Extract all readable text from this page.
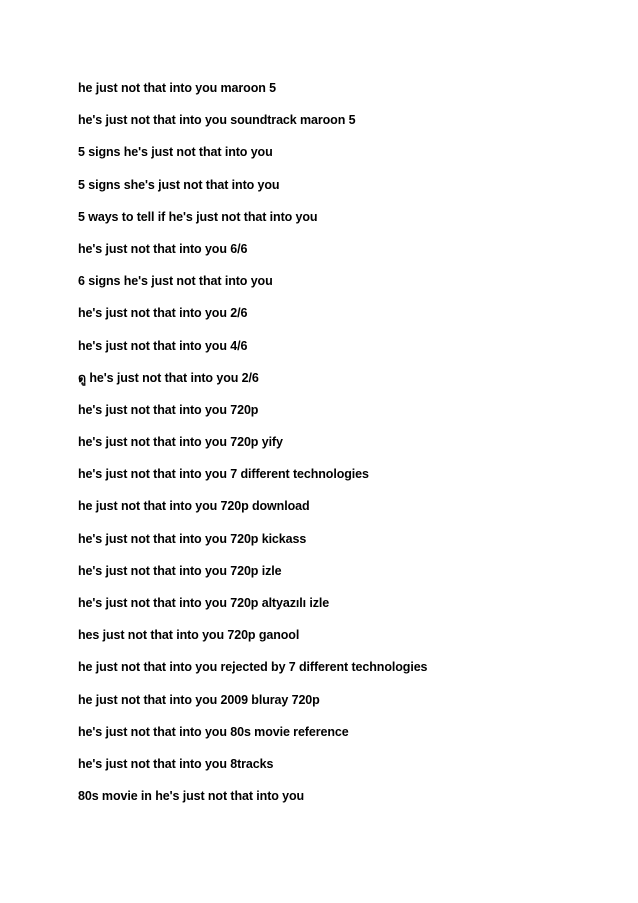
he just not that into you maroon 5
he's just not that into you soundtrack maroon 5
5 signs he's just not that into you
5 signs she's just not that into you
5 ways to tell if he's just not that into you
he's just not that into you 6/6
6 signs he's just not that into you
he's just not that into you 2/6
he's just not that into you 4/6
ดู he's just not that into you 2/6
he's just not that into you 720p
he's just not that into you 720p yify
he's just not that into you 7 different technologies
he just not that into you 720p download
he's just not that into you 720p kickass
he's just not that into you 720p izle
he's just not that into you 720p altyazılı izle
hes just not that into you 720p ganool
he just not that into you rejected by 7 different technologies
he just not that into you 2009 bluray 720p
he's just not that into you 80s movie reference
he's just not that into you 8tracks
80s movie in he's just not that into you
